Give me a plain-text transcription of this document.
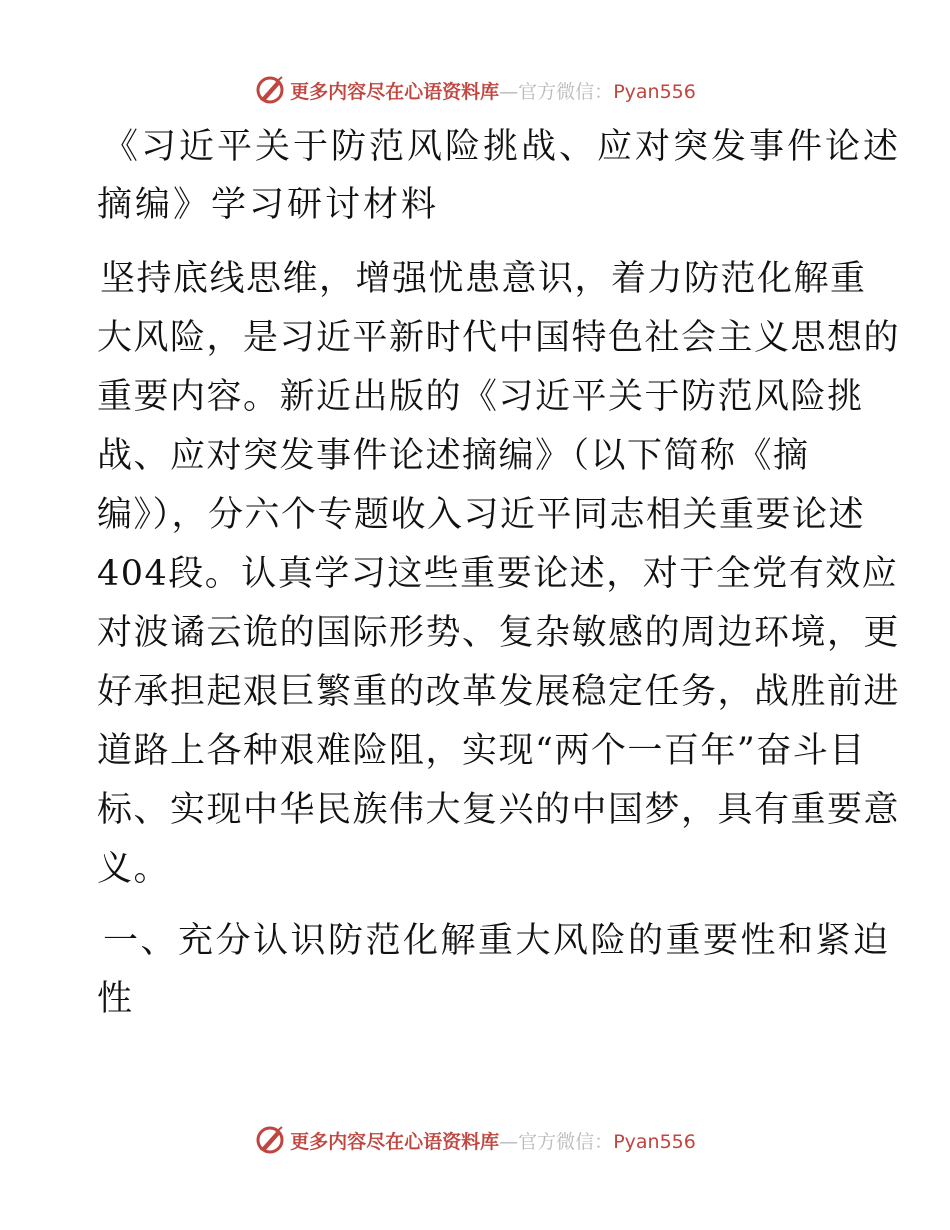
更多内容尽在心语资料库—官方微信：Pyan556
《习近平关于防范风险挑战、应对突发事件论述
摘编》学习研讨材料
坚持底线思维，增强忧患意识，着力防范化解重
大风险，是习近平新时代中国特色社会主义思想的
重要内容。新近出版的《习近平关于防范风险挑
战、应对突发事件论述摘编》（以下简称《摘
编》），分六个专题收入习近平同志相关重要论述
404段。认真学习这些重要论述，对于全党有效应
对波谲云诡的国际形势、复杂敏感的周边环境，更
好承担起艰巨繁重的改革发展稳定任务，战胜前进
道路上各种艰难险阻，实现“两个一百年”奋斗目
标、实现中华民族伟大复兴的中国梦，具有重要意
义。
一、充分认识防范化解重大风险的重要性和紧迫
性
更多内容尽在心语资料库—官方微信：Pyan556
